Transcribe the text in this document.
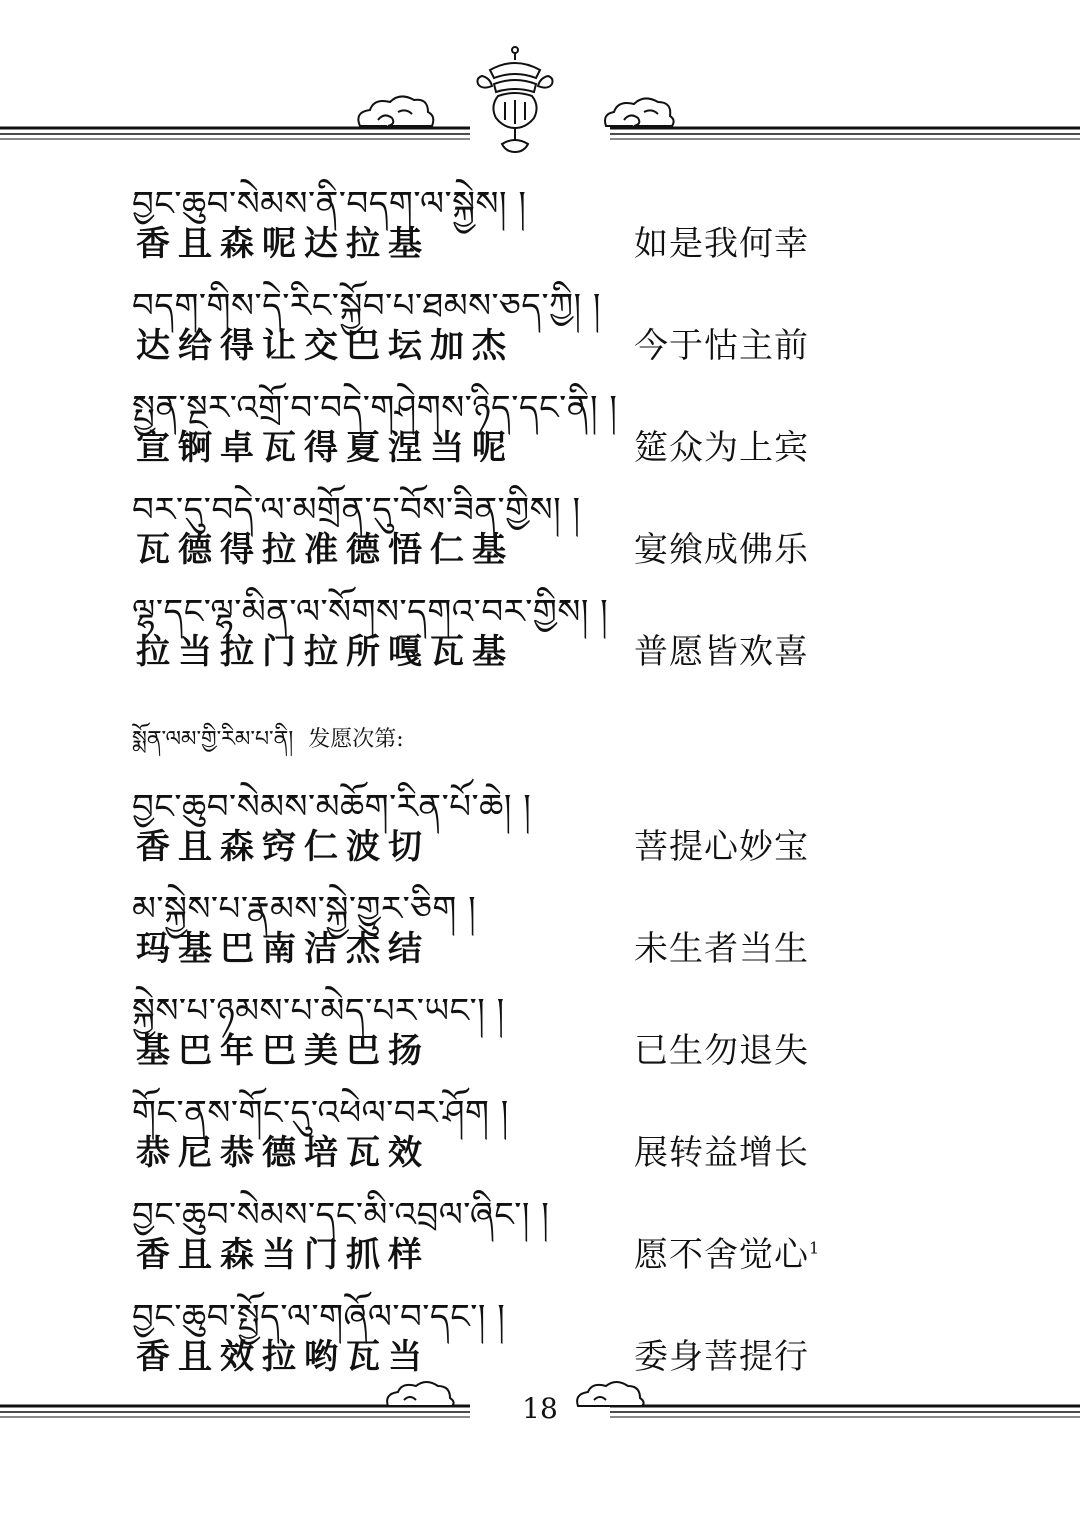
བྱང་ཆུབ་སེམས་ནི་བདག་ལ་སྐྱེས། །
香且森呢达拉基	如是我何幸
བདག་གིས་དེ་རིང་སྐྱོབ་པ་ཐམས་ཅད་ཀྱི། །
达给得让交巴坛加杰	今于怙主前
སྤྱན་སྔར་འགྲོ་བ་བདེ་གཤེགས་ཉིད་དང་ནི། །
宣锕卓瓦得夏涅当呢	筵众为上宾
བར་དུ་བདེ་ལ་མགྲོན་དུ་བོས་ཟིན་གྱིས། །
瓦德得拉准德悟仁基	宴飨成佛乐
ལྷ་དང་ལྷ་མིན་ལ་སོགས་དགའ་བར་གྱིས། །
拉当拉门拉所嘎瓦基	普愿皆欢喜
སྨོན་ལམ་གྱི་རིམ་པ་ནི། 发愿次第:
བྱང་ཆུབ་སེམས་མཆོག་རིན་པོ་ཆེ། །
香且森窍仁波切	菩提心妙宝
མ་སྐྱེས་པ་རྣམས་སྐྱེ་གྱུར་ཅིག །
玛基巴南洁杰结	未生者当生
སྐྱེས་པ་ཉམས་པ་མེད་པར་ཡང་། །
基巴年巴美巴扬	已生勿退失
གོང་ནས་གོང་དུ་འཕེལ་བར་ཤོག །
恭尼恭德培瓦效	展转益增长
བྱང་ཆུབ་སེམས་དང་མི་འབྲལ་ཞིང་། །
香且森当门抓样	愿不舍觉心$^1$
བྱང་ཆུབ་སྤྱོད་ལ་གཞོལ་བ་དང་། །
香且效拉哟瓦当	委身菩提行
18
